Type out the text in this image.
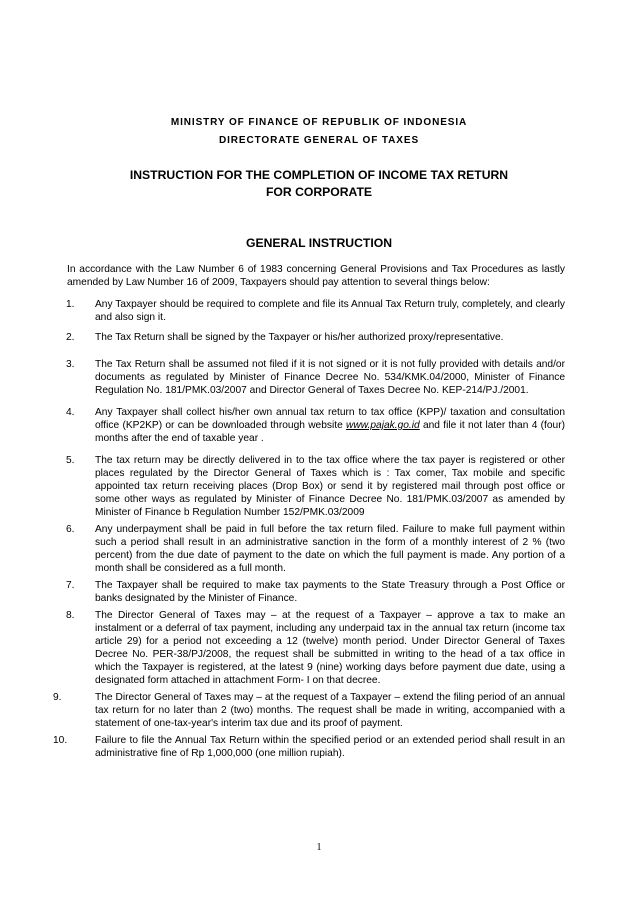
MINISTRY OF FINANCE OF REPUBLIK OF INDONESIA
DIRECTORATE GENERAL OF TAXES
INSTRUCTION FOR THE COMPLETION OF INCOME TAX RETURN
FOR CORPORATE
GENERAL INSTRUCTION
In accordance with the Law Number 6 of 1983 concerning General Provisions and Tax Procedures as lastly amended by Law Number 16 of 2009, Taxpayers should pay attention to several things below:
1.	Any Taxpayer should be required to complete and file its Annual Tax Return truly, completely, and clearly and also sign it.
2.	The Tax Return shall be signed by the Taxpayer or his/her authorized proxy/representative.
3.	The Tax Return shall be assumed not filed if it is not signed or it is not fully provided with details and/or documents as regulated by Minister of Finance Decree No. 534/KMK.04/2000, Minister of Finance Regulation No. 181/PMK.03/2007 and Director General of Taxes Decree No. KEP-214/PJ./2001.
4.	Any Taxpayer shall collect his/her own annual tax return to tax office (KPP)/ taxation and consultation office (KP2KP) or can be downloaded through website www.pajak.go.id and file it not later than 4 (four) months after the end of taxable year .
5.	The tax return may be directly delivered in to the tax office where the tax payer is registered or other places regulated by the Director General of Taxes which is : Tax comer, Tax mobile and specific appointed tax return receiving places (Drop Box) or send it by registered mail through post office or some other ways as regulated by Minister of Finance Decree No. 181/PMK.03/2007 as amended by Minister of Finance b Regulation Number 152/PMK.03/2009
6.	Any underpayment shall be paid in full before the tax return filed. Failure to make full payment within such a period shall result in an administrative sanction in the form of a monthly interest of 2 % (two percent) from the due date of payment to the date on which the full payment is made. Any portion of a month shall be considered as a full month.
7.	The Taxpayer shall be required to make tax payments to the State Treasury through a Post Office or banks designated by the Minister of Finance.
8.	The Director General of Taxes may – at the request of a Taxpayer – approve a tax to make an instalment or a deferral of tax payment, including any underpaid tax in the annual tax return (income tax article 29) for a period not exceeding a 12 (twelve) month period. Under Director General of Taxes Decree No. PER-38/PJ/2008, the request shall be submitted in writing to the head of a tax office in which the Taxpayer is registered, at the latest 9 (nine) working days before payment due date, using a designated form attached in attachment Form- I on that decree.
9.	The Director General of Taxes may – at the request of a Taxpayer – extend the filing period of an annual tax return for no later than 2 (two) months. The request shall be made in writing, accompanied with a statement of one-tax-year's interim tax due and its proof of payment.
10.	Failure to file the Annual Tax Return within the specified period or an extended period shall result in an administrative fine of Rp 1,000,000 (one million rupiah).
1
